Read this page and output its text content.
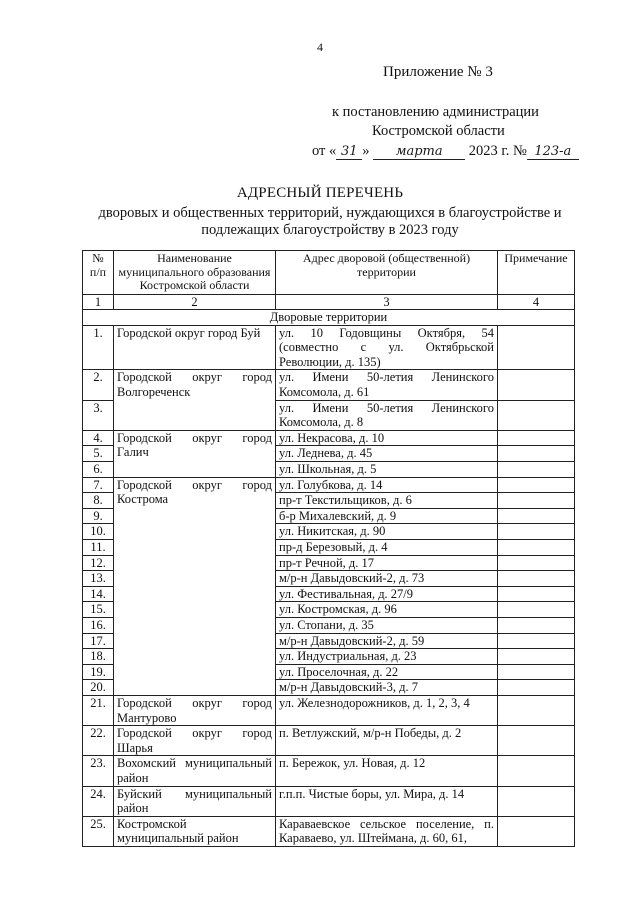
4
Приложение № 3
к постановлению администрации
Костромской области
от « 31 » марта 2023 г. № 123-а
АДРЕСНЫЙ ПЕРЕЧЕНЬ
дворовых и общественных территорий, нуждающихся в благоустройстве и подлежащих благоустройству в 2023 году
№ п/п	Наименование муниципального образования Костромской области	Адрес дворовой (общественной) территории	Примечание
1	2	3	4
Дворовые территории			
1.	Городской округ город Буй	ул. 10 Годовщины Октября, 54 (совместно с ул. Октябрьской Революции, д. 135)	
2.	Городской округ город Волгореченск	ул. Имени 50-летия Ленинского Комсомола, д. 61	
3.		ул. Имени 50-летия Ленинского Комсомола, д. 8	
4.	Городской округ город Галич	ул. Некрасова, д. 10	
5.		ул. Леднева, д. 45	
6.		ул. Школьная, д. 5	
7.	Городской округ город Кострома	ул. Голубкова, д. 14	
8.		пр-т Текстильщиков, д. 6	
9.		б-р Михалевский, д. 9	
10.		ул. Никитская, д. 90	
11.		пр-д Березовый, д. 4	
12.		пр-т Речной, д. 17	
13.		м/р-н Давыдовский-2, д. 73	
14.		ул. Фестивальная, д. 27/9	
15.		ул. Костромская, д. 96	
16.		ул. Стопани, д. 35	
17.		м/р-н Давыдовский-2, д. 59	
18.		ул. Индустриальная, д. 23	
19.		ул. Проселочная, д. 22	
20.		м/р-н Давыдовский-3, д. 7	
21.	Городской округ город Мантурово	ул. Железнодорожников, д. 1, 2, 3, 4	
22.	Городской округ город Шарья	п. Ветлужский, м/р-н Победы, д. 2	
23.	Вохомский муниципальный район	п. Бережок, ул. Новая, д. 12	
24.	Буйский муниципальный район	г.п.п. Чистые боры, ул. Мира, д. 14	
25.	Костромской муниципальный район	Караваевское сельское поселение, п. Караваево, ул. Штеймана, д. 60, 61,	
